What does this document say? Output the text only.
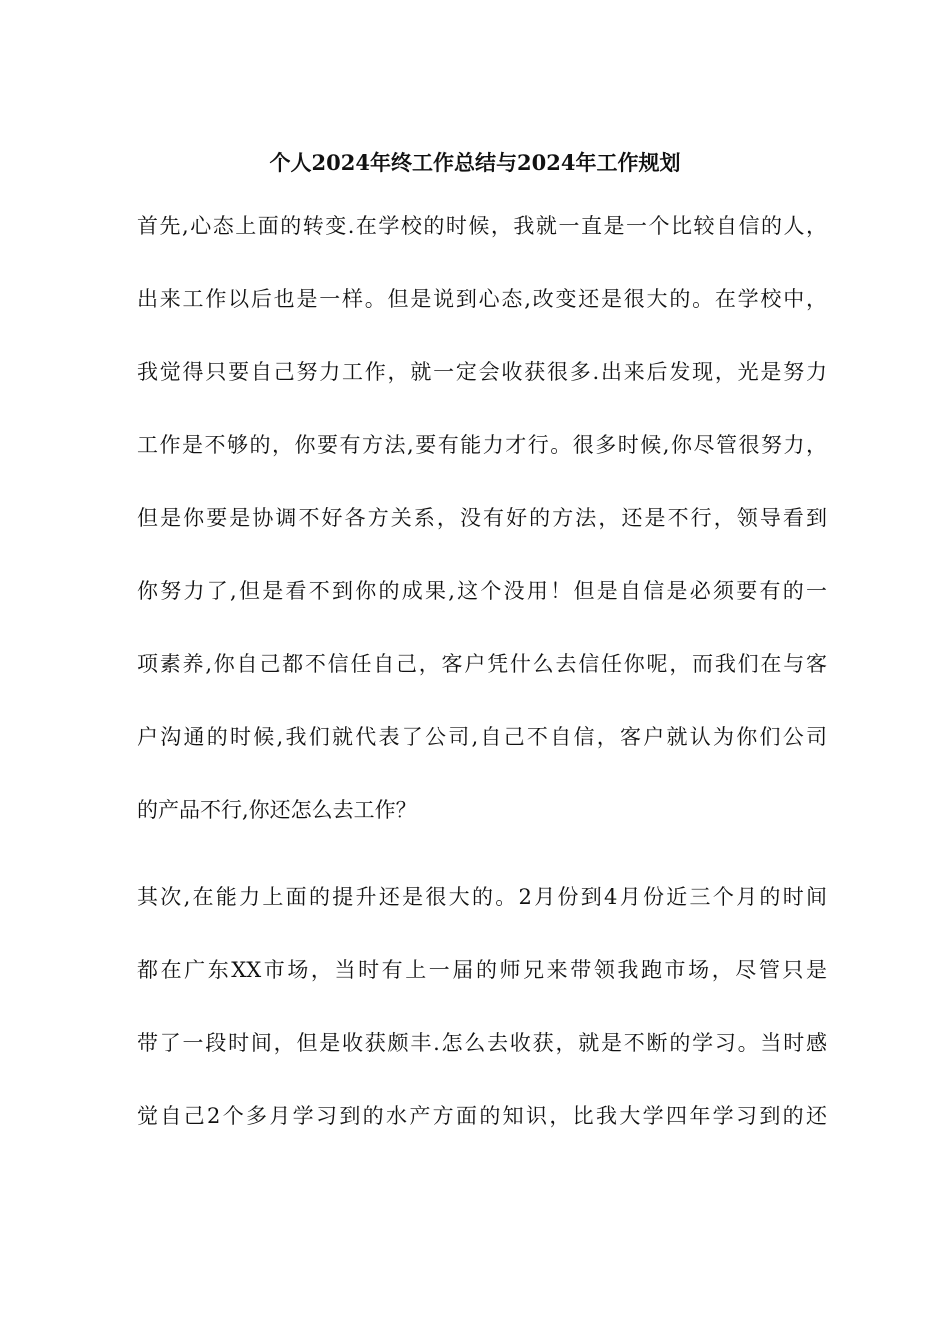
个人2024年终工作总结与2024年工作规划
首先,心态上面的转变.在学校的时候，我就一直是一个比较自信的人，
出来工作以后也是一样。但是说到心态,改变还是很大的。在学校中，
我觉得只要自己努力工作，就一定会收获很多.出来后发现，光是努力
工作是不够的，你要有方法,要有能力才行。很多时候,你尽管很努力，
但是你要是协调不好各方关系，没有好的方法，还是不行，领导看到
你努力了,但是看不到你的成果,这个没用！但是自信是必须要有的一
项素养,你自己都不信任自己，客户凭什么去信任你呢，而我们在与客
户沟通的时候,我们就代表了公司,自己不自信，客户就认为你们公司
的产品不行,你还怎么去工作？
其次,在能力上面的提升还是很大的。2月份到4月份近三个月的时间
都在广东XX市场，当时有上一届的师兄来带领我跑市场，尽管只是
带了一段时间，但是收获颇丰.怎么去收获，就是不断的学习。当时感
觉自己2个多月学习到的水产方面的知识，比我大学四年学习到的还
